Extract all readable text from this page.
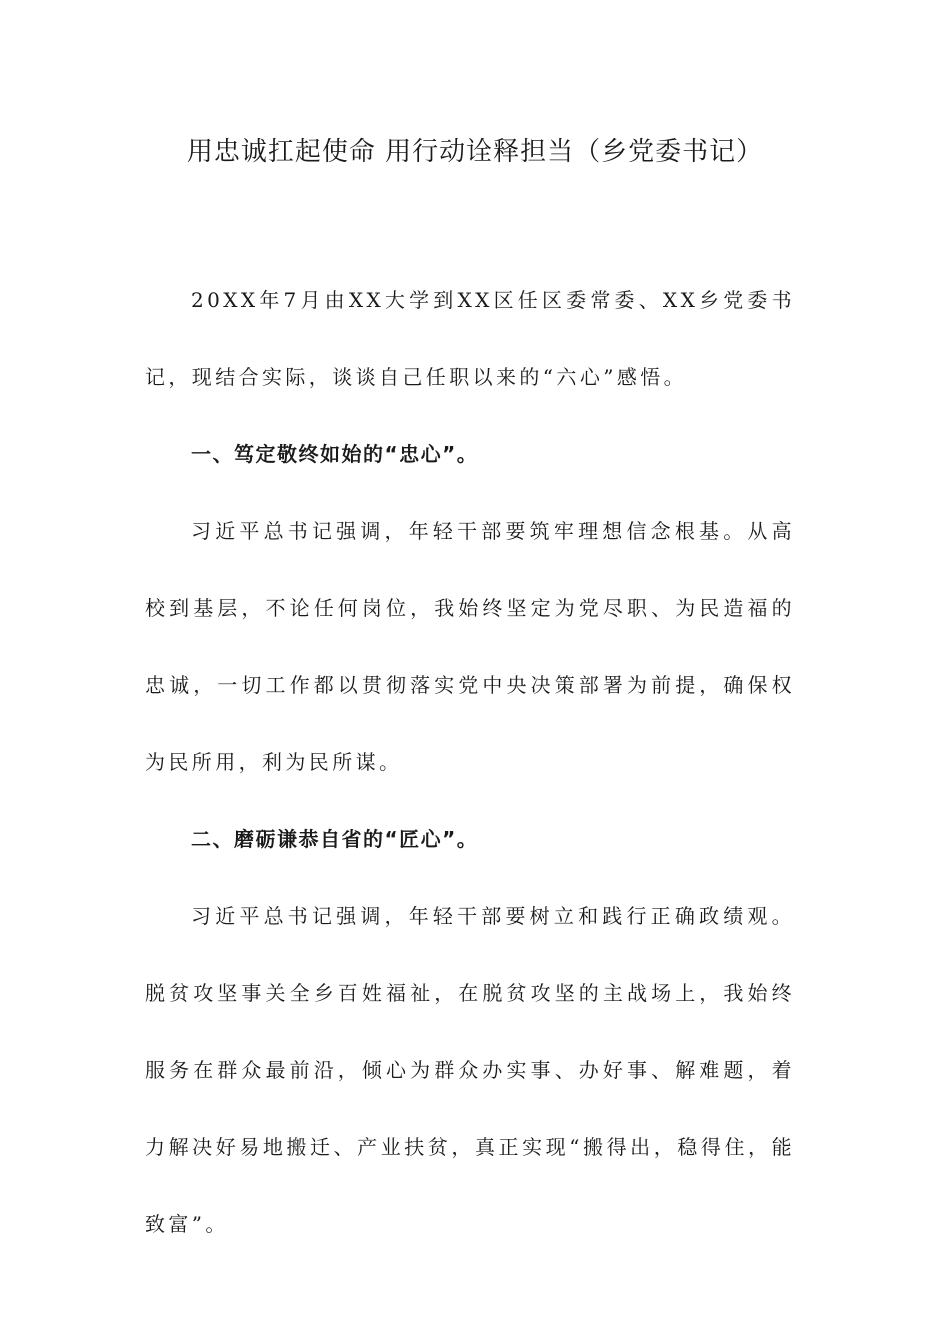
用忠诚扛起使命 用行动诠释担当（乡党委书记）

20XX年7月由XX大学到XX区任区委常委、XX乡党委书记，现结合实际，谈谈自己任职以来的“六心”感悟。

一、笃定敬终如始的“忠心”。

习近平总书记强调，年轻干部要筑牢理想信念根基。从高校到基层，不论任何岗位，我始终坚定为党尽职、为民造福的忠诚，一切工作都以贯彻落实党中央决策部署为前提，确保权为民所用，利为民所谋。

二、磨砺谦恭自省的“匠心”。

习近平总书记强调，年轻干部要树立和践行正确政绩观。脱贫攻坚事关全乡百姓福祉，在脱贫攻坚的主战场上，我始终服务在群众最前沿，倾心为群众办实事、办好事、解难题，着力解决好易地搬迁、产业扶贫，真正实现“搬得出，稳得住，能致富”。
